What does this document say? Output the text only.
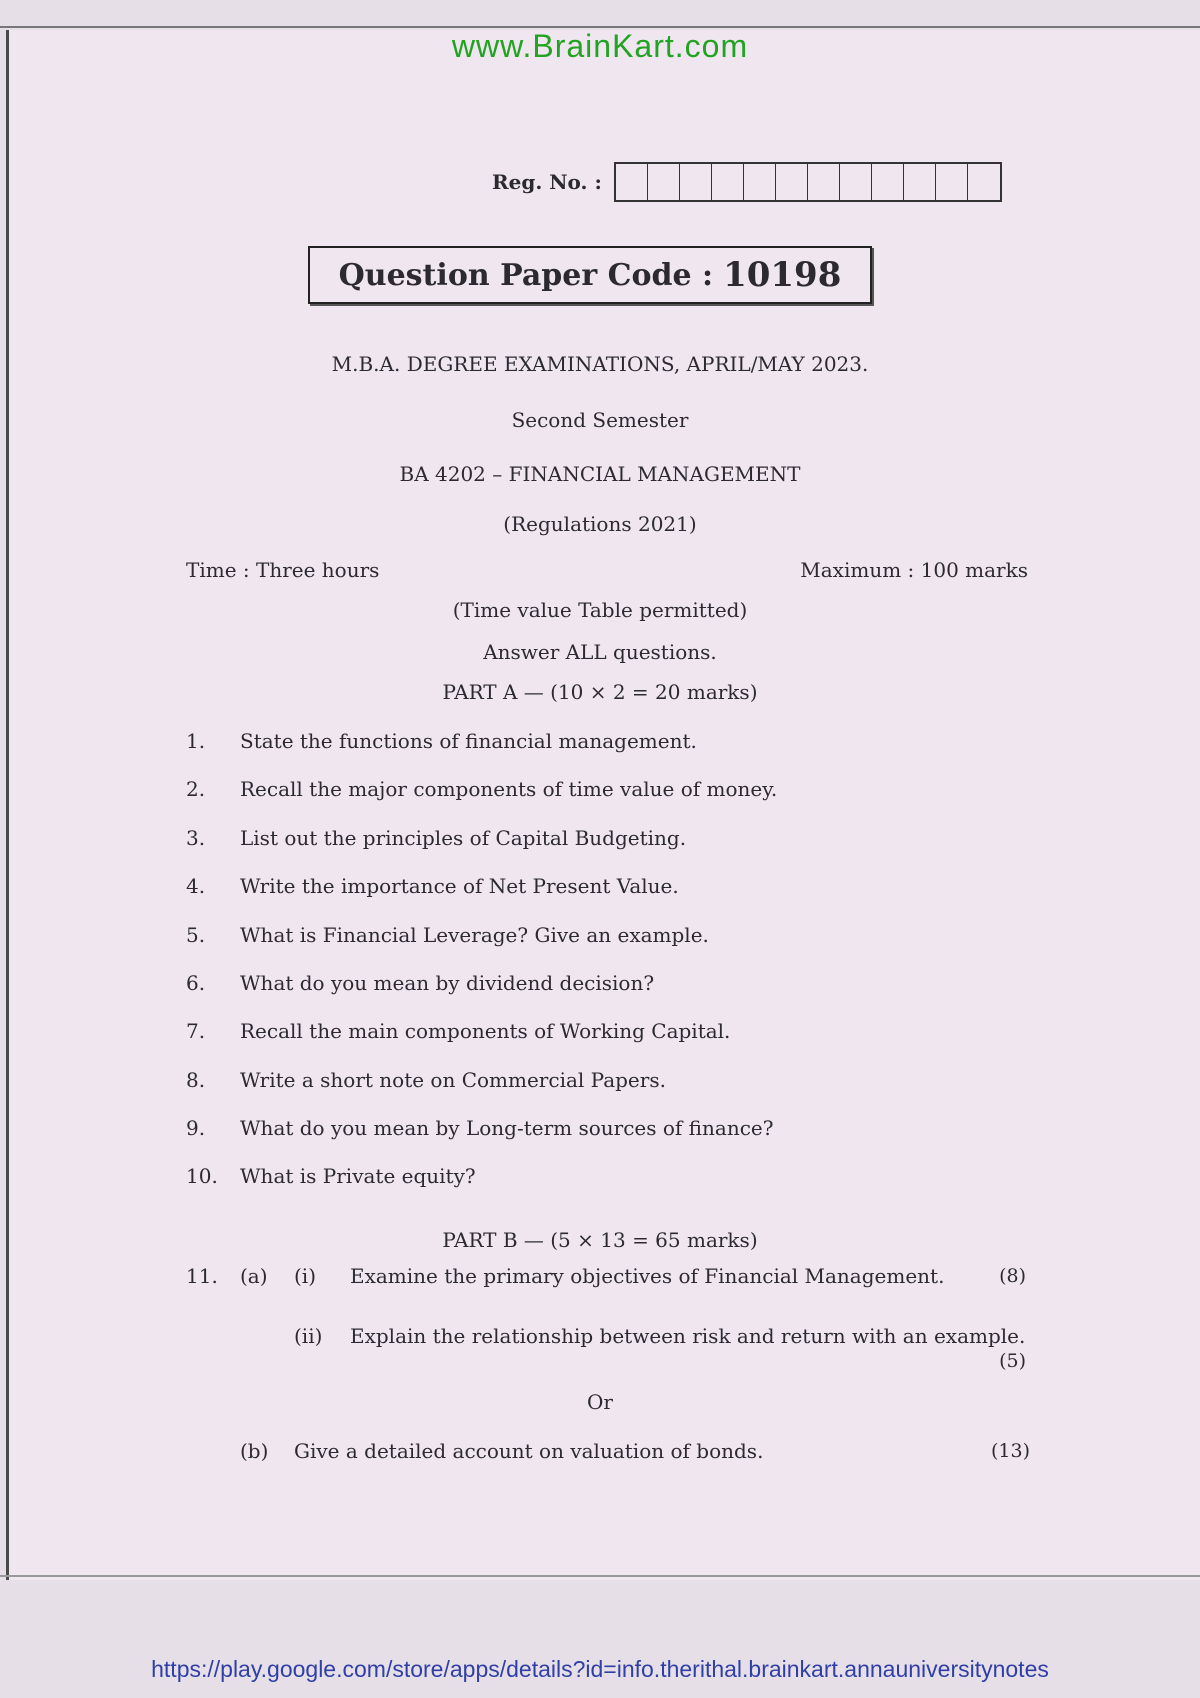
www.BrainKart.com
Reg. No. :
Question Paper Code : 10198
M.B.A. DEGREE EXAMINATIONS, APRIL/MAY 2023.
Second Semester
BA 4202 – FINANCIAL MANAGEMENT
(Regulations 2021)
Time : Three hours	Maximum : 100 marks
(Time value Table permitted)
Answer ALL questions.
PART A — (10 × 2 = 20 marks)
1.	State the functions of financial management.
2.	Recall the major components of time value of money.
3.	List out the principles of Capital Budgeting.
4.	Write the importance of Net Present Value.
5.	What is Financial Leverage? Give an example.
6.	What do you mean by dividend decision?
7.	Recall the main components of Working Capital.
8.	Write a short note on Commercial Papers.
9.	What do you mean by Long-term sources of finance?
10.	What is Private equity?
PART B — (5 × 13 = 65 marks)
11. (a) (i) Examine the primary objectives of Financial Management.	(8)
(ii) Explain the relationship between risk and return with an example.
(5)
Or
(b) Give a detailed account on valuation of bonds.	(13)
https://play.google.com/store/apps/details?id=info.therithal.brainkart.annauniversitynotes
